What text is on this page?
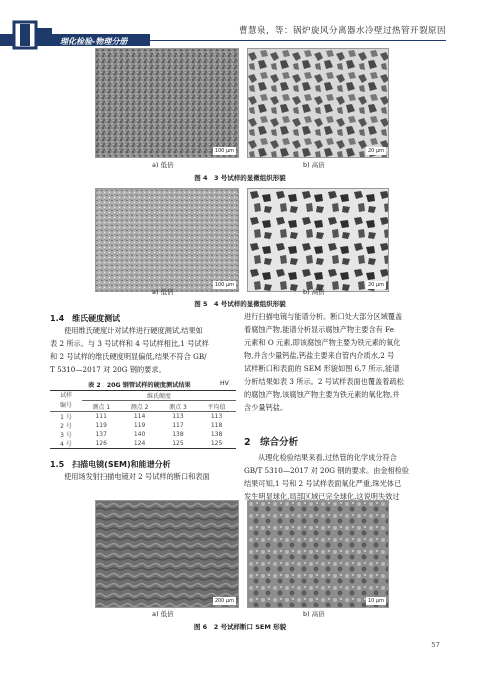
理化检验-物理分册
曹慧泉，等：锅炉旋风分离器水冷壁过热管开裂原因
100 μm	20 μm
a) 低倍	b) 高倍
图 4　3 号试样的显微组织形貌
100 μm	20 μm
a) 低倍	b) 高倍
图 5　4 号试样的显微组织形貌
1.4　维氏硬度测试
使用维氏硬度计对试样进行硬度测试,结果如
表 2 所示。与 3 号试样和 4 号试样相比,1 号试样
和 2 号试样的维氏硬度明显偏低,结果不符合 GB/
T 5310—2017 对 20G 钢的要求。
表 2　20G 钢管试样的硬度测试结果	HV
试样
编号	维氏硬度			
	测点 1	测点 2	测点 3	平均值
1 号	111	114	113	113
2 号	119	119	117	118
3 号	137	140	138	138
4 号	126	124	125	125
1.5　扫描电镜(SEM)和能谱分析
使用场发射扫描电镜对 2 号试样的断口和表面
进行扫描电镜与能谱分析。断口处大部分区域覆盖
着腐蚀产物,能谱分析显示腐蚀产物主要含有 Fe
元素和 O 元素,即该腐蚀产物主要为铁元素的氧化
物,并含少量钙盐,钙盐主要来自管内介质水,2 号
试样断口和表面的 SEM 形貌如图 6,7 所示,能谱
分析结果如表 3 所示。2 号试样表面也覆盖着疏松
的腐蚀产物,该腐蚀产物主要为铁元素的氧化物,并
含少量钙盐。
2　综合分析
从理化检验结果来看,过热管的化学成分符合
GB/T 5310—2017 对 20G 钢的要求。由金相检验
结果可知,1 号和 2 号试样表面氧化严重,珠光体已
发生明显球化,局部区域已完全球化,这说明失效过
200 μm	10 μm
a) 低倍	b) 高倍
图 6　2 号试样断口 SEM 形貌
57
